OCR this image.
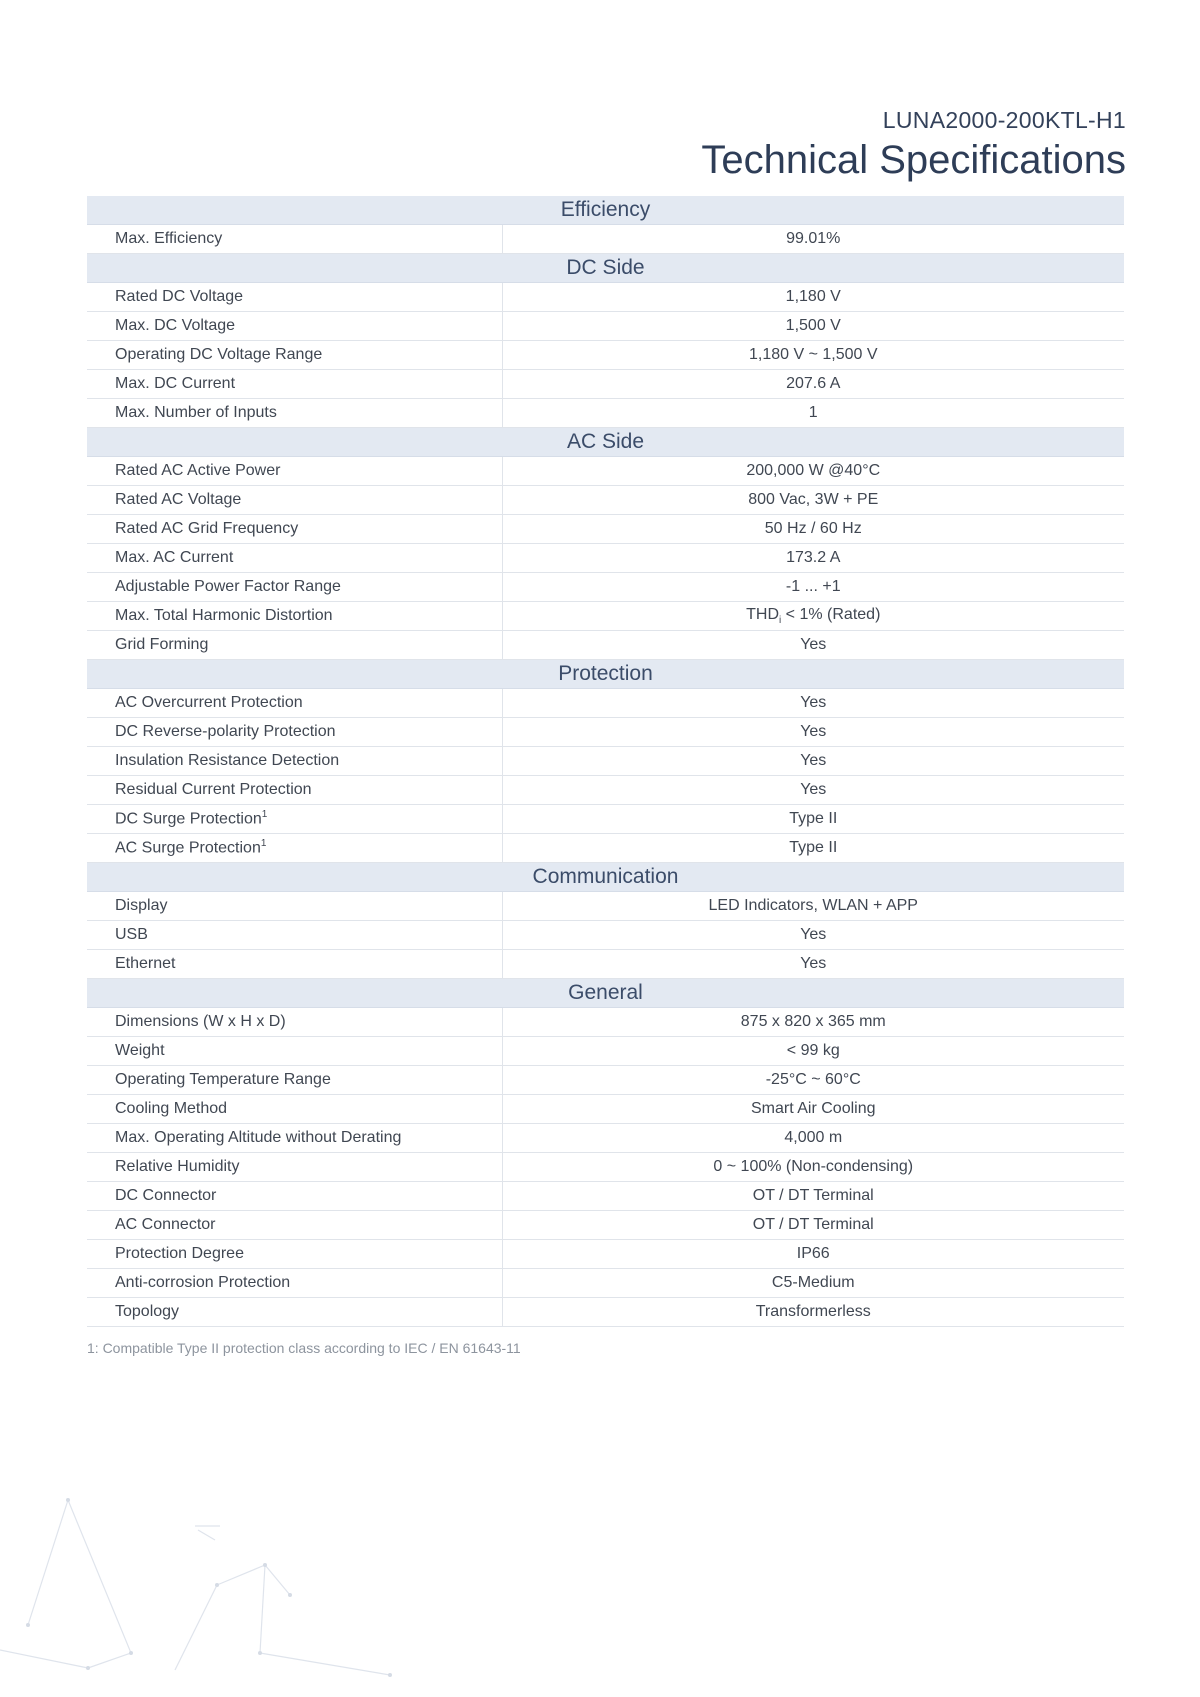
LUNA2000-200KTL-H1
Technical Specifications
Efficiency	
Max. Efficiency	99.01%
DC Side	
Rated DC Voltage	1,180 V
Max. DC Voltage	1,500 V
Operating DC Voltage Range	1,180 V ~ 1,500 V
Max. DC Current	207.6 A
Max. Number of Inputs	1
AC Side	
Rated AC Active Power	200,000 W @40°C
Rated AC Voltage	800 Vac, 3W + PE
Rated AC Grid Frequency	50 Hz / 60 Hz
Max. AC Current	173.2 A
Adjustable Power Factor Range	-1 ... +1
Max. Total Harmonic Distortion	$THD_i < 1\%$ (Rated)
Grid Forming	Yes
Protection	
AC Overcurrent Protection	Yes
DC Reverse-polarity Protection	Yes
Insulation Resistance Detection	Yes
Residual Current Protection	Yes
DC Surge Protection$^1$	Type II
AC Surge Protection$^1$	Type II
Communication	
Display	LED Indicators, WLAN + APP
USB	Yes
Ethernet	Yes
General	
Dimensions (W x H x D)	875 x 820 x 365 mm
Weight	< 99 kg
Operating Temperature Range	-25°C ~ 60°C
Cooling Method	Smart Air Cooling
Max. Operating Altitude without Derating	4,000 m
Relative Humidity	0 ~ 100% (Non-condensing)
DC Connector	OT / DT Terminal
AC Connector	OT / DT Terminal
Protection Degree	IP66
Anti-corrosion Protection	C5-Medium
Topology	Transformerless
1: Compatible Type II protection class according to IEC / EN 61643-11
